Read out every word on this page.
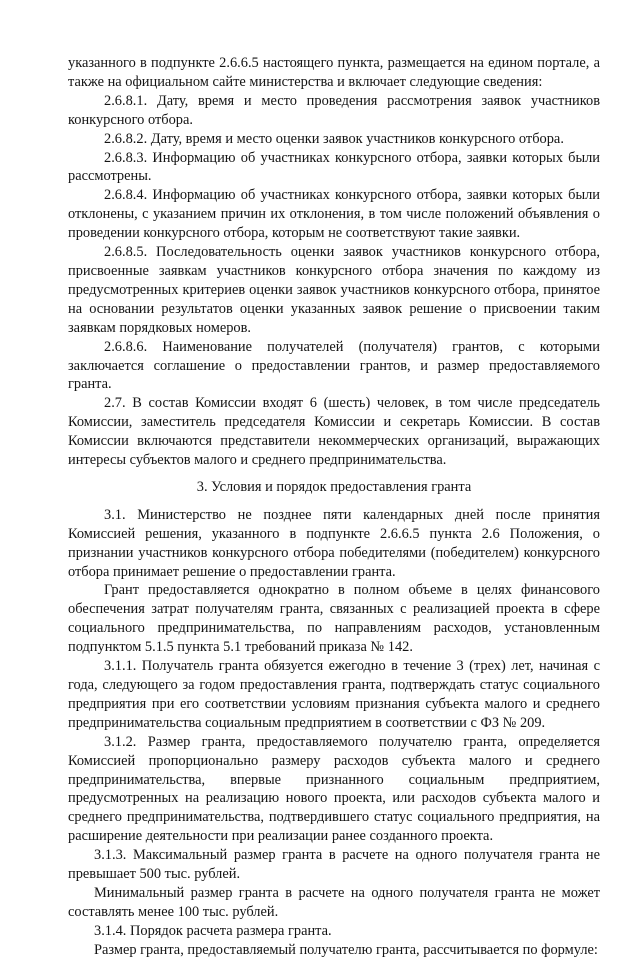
указанного в подпункте 2.6.6.5 настоящего пункта, размещается на едином портале, а также на официальном сайте министерства и включает следующие сведения:

2.6.8.1. Дату, время и место проведения рассмотрения заявок участников конкурсного отбора.

2.6.8.2. Дату, время и место оценки заявок участников конкурсного отбора.

2.6.8.3. Информацию об участниках конкурсного отбора, заявки которых были рассмотрены.

2.6.8.4. Информацию об участниках конкурсного отбора, заявки которых были отклонены, с указанием причин их отклонения, в том числе положений объявления о проведении конкурсного отбора, которым не соответствуют такие заявки.

2.6.8.5. Последовательность оценки заявок участников конкурсного отбора, присвоенные заявкам участников конкурсного отбора значения по каждому из предусмотренных критериев оценки заявок участников конкурсного отбора, принятое на основании результатов оценки указанных заявок решение о присвоении таким заявкам порядковых номеров.

2.6.8.6. Наименование получателей (получателя) грантов, с которыми заключается соглашение о предоставлении грантов, и размер предоставляемого гранта.

2.7. В состав Комиссии входят 6 (шесть) человек, в том числе председатель Комиссии, заместитель председателя Комиссии и секретарь Комиссии. В состав Комиссии включаются представители некоммерческих организаций, выражающих интересы субъектов малого и среднего предпринимательства.

3. Условия и порядок предоставления гранта

3.1. Министерство не позднее пяти календарных дней после принятия Комиссией решения, указанного в подпункте 2.6.6.5 пункта 2.6 Положения, о признании участников конкурсного отбора победителями (победителем) конкурсного отбора принимает решение о предоставлении гранта.

Грант предоставляется однократно в полном объеме в целях финансового обеспечения затрат получателям гранта, связанных с реализацией проекта в сфере социального предпринимательства, по направлениям расходов, установленным подпунктом 5.1.5 пункта 5.1 требований приказа № 142.

3.1.1. Получатель гранта обязуется ежегодно в течение 3 (трех) лет, начиная с года, следующего за годом предоставления гранта, подтверждать статус социального предприятия при его соответствии условиям признания субъекта малого и среднего предпринимательства социальным предприятием в соответствии с ФЗ № 209.

3.1.2. Размер гранта, предоставляемого получателю гранта, определяется Комиссией пропорционально размеру расходов субъекта малого и среднего предпринимательства, впервые признанного социальным предприятием, предусмотренных на реализацию нового проекта, или расходов субъекта малого и среднего предпринимательства, подтвердившего статус социального предприятия, на расширение деятельности при реализации ранее созданного проекта.

3.1.3. Максимальный размер гранта в расчете на одного получателя гранта не превышает 500 тыс. рублей.

Минимальный размер гранта в расчете на одного получателя гранта не может составлять менее 100 тыс. рублей.

3.1.4. Порядок расчета размера гранта.

Размер гранта, предоставляемый получателю гранта, рассчитывается по формуле:
